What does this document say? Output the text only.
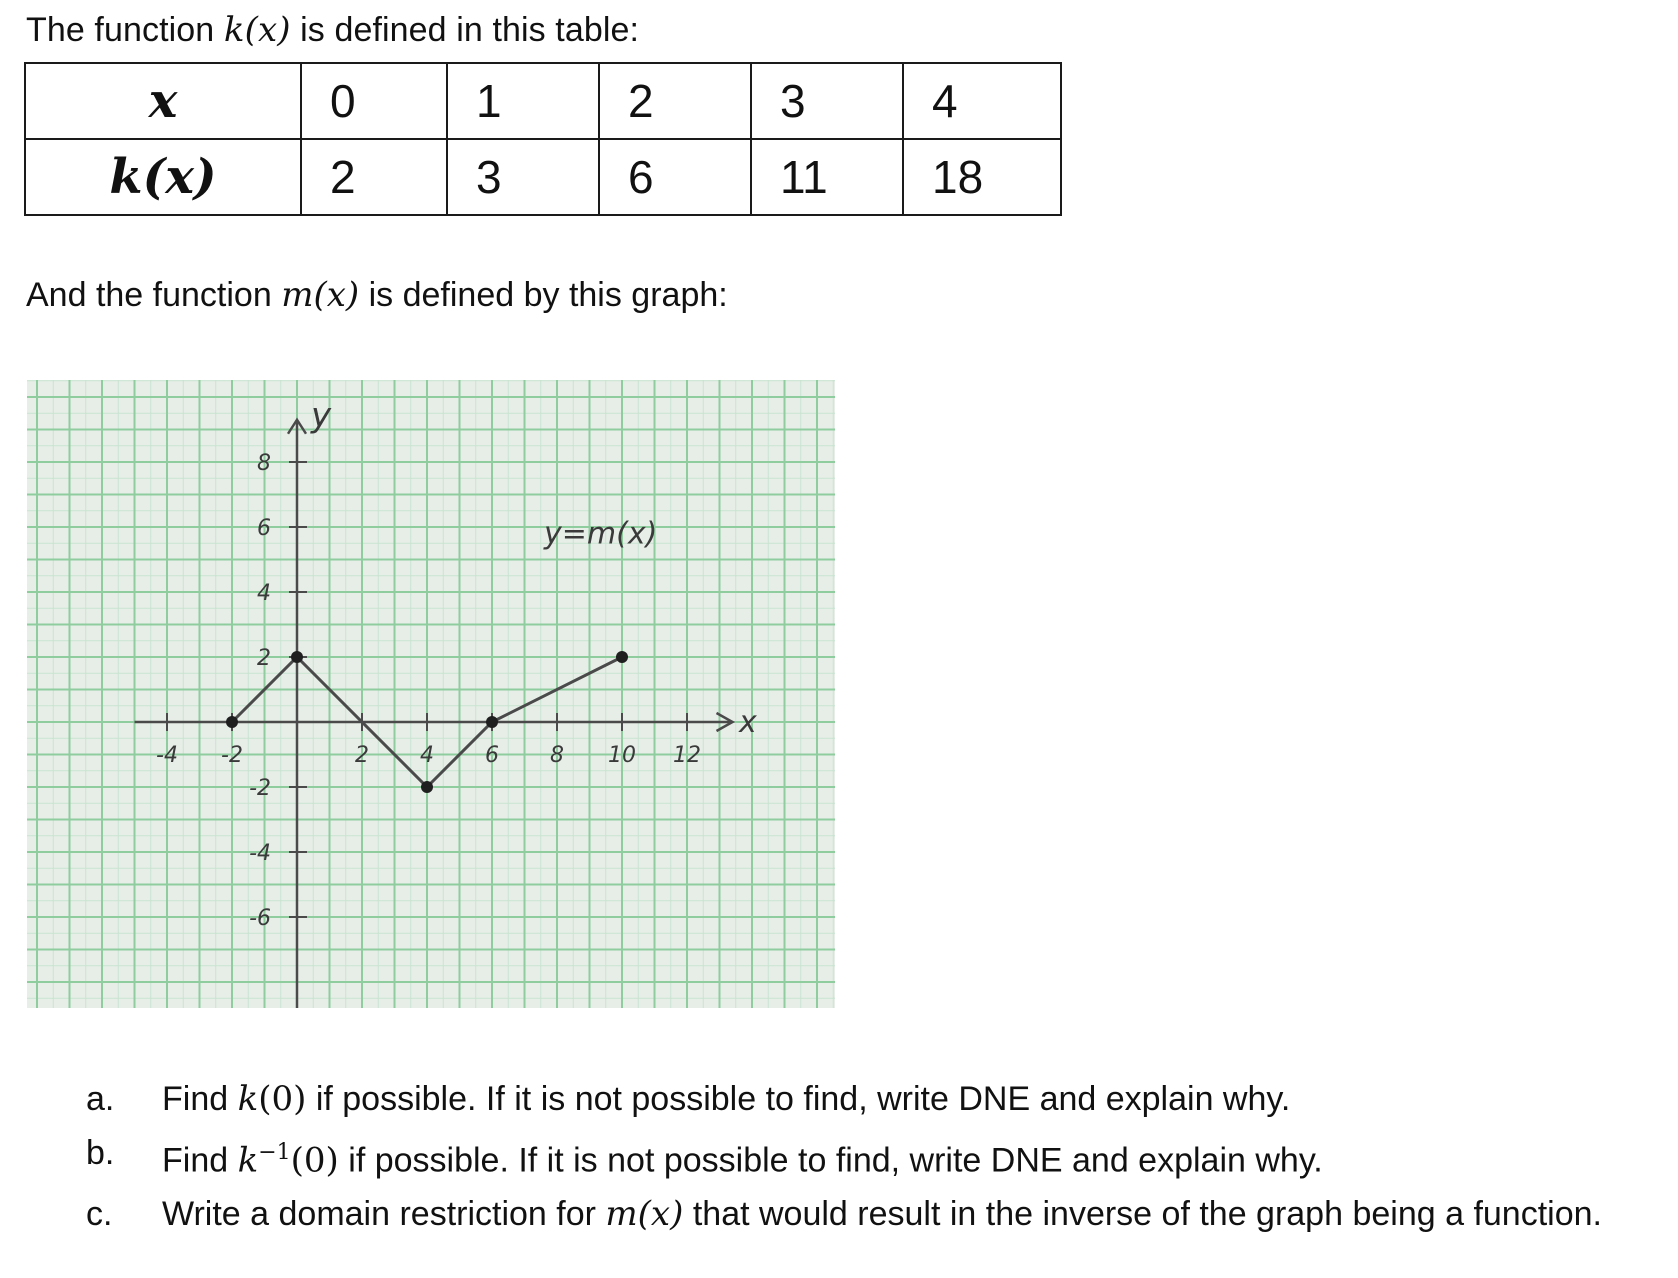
The function k(x) is defined in this table:
x	0	1	2	3	4
k(x)	2	3	6	11	18
And the function m(x) is defined by this graph:
-4 -2	2 4 6 8 10 12
8
6
4
2
-2
-4
-6
y
x
y=m(x)
a.	Find k(0) if possible. If it is not possible to find, write DNE and explain why.
b.	Find $k^{-1}(0)$ if possible. If it is not possible to find, write DNE and explain why.
c.	Write a domain restriction for m(x) that would result in the inverse of the graph being a function.
